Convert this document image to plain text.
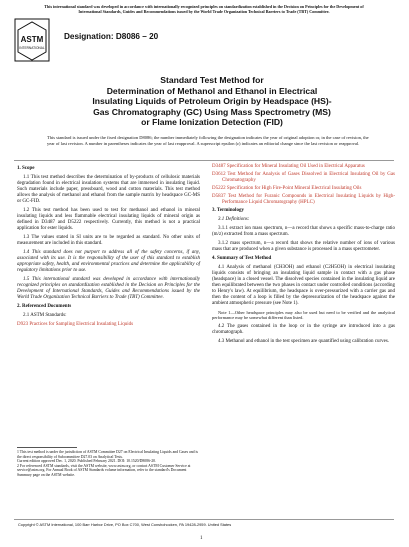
This international standard was developed in accordance with internationally recognized principles on standardization established in the Decision on Principles for the Development of International Standards, Guides and Recommendations issued by the World Trade Organization Technical Barriers to Trade (TBT) Committee.
ASTM
INTERNATIONAL
Designation: D8086 – 20
Standard Test Method for
Determination of Methanol and Ethanol in Electrical
Insulating Liquids of Petroleum Origin by Headspace (HS)-
Gas Chromatography (GC) Using Mass Spectrometry (MS)
or Flame Ionization Detection (FID)
This standard is issued under the fixed designation D8086; the number immediately following the designation indicates the year of original adoption or, in the case of revision, the year of last revision. A number in parentheses indicates the year of last reapproval. A superscript epsilon (ε) indicates an editorial change since the last revision or reapproval.
1. Scope
1.1 This test method describes the determination of by-products of cellulosic materials degradation found in electrical insulation systems that are immersed in insulating liquid. Such materials include paper, pressboard, wood and cotton materials. This test method allows the analysis of methanol and ethanol from the sample matrix by headspace GC-MS or GC-FID.
1.2 This test method has been used to test for methanol and ethanol in mineral insulating liquids and less flammable electrical insulating liquids of mineral origin as defined in D3487 and D5222 respectively. Currently, this method is not a practical application for ester liquids.
1.3 The values stated in SI units are to be regarded as standard. No other units of measurement are included in this standard.
1.4 This standard does not purport to address all of the safety concerns, if any, associated with its use. It is the responsibility of the user of this standard to establish appropriate safety, health, and environmental practices and determine the applicability of regulatory limitations prior to use.
1.5 This international standard was developed in accordance with internationally recognized principles on standardization established in the Decision on Principles for the Development of International Standards, Guides and Recommendations issued by the World Trade Organization Technical Barriers to Trade (TBT) Committee.
2. Referenced Documents
2.1 ASTM Standards:
D923 Practices for Sampling Electrical Insulating Liquids
1 This test method is under the jurisdiction of ASTM Committee D27 on Electrical Insulating Liquids and Gases and is the direct responsibility of Subcommittee D27.03 on Analytical Tests.
Current edition approved Dec. 1, 2020. Published February 2021. DOI: 10.1520/D8086-20.
2 For referenced ASTM standards, visit the ASTM website, www.astm.org, or contact ASTM Customer Service at service@astm.org. For Annual Book of ASTM Standards volume information, refer to the standard's Document Summary page on the ASTM website.
D3487 Specification for Mineral Insulating Oil Used in Electrical Apparatus
D3612 Test Method for Analysis of Gases Dissolved in Electrical Insulating Oil by Gas Chromatography
D5222 Specification for High Fire-Point Mineral Electrical Insulating Oils
D5837 Test Method for Furanic Compounds in Electrical Insulating Liquids by High-Performance Liquid Chromatography (HPLC)
3. Terminology
3.1 Definitions:
3.1.1 extract ion mass spectrum, n—a record that shows a specific mass-to-charge ratio (m/z) extracted from a mass spectrum.
3.1.2 mass spectrum, n—a record that shows the relative number of ions of various mass that are produced when a given substance is processed in a mass spectrometer.
4. Summary of Test Method
4.1 Analysis of methanol (CH3OH) and ethanol (C2H5OH) in electrical insulating liquids consists of bringing an insulating liquid sample in contact with a gas phase (headspace) in a closed vessel. The dissolved species contained in the insulating liquid are then equilibrated between the two phases in contact under controlled conditions (according to Henry's law). At equilibrium, the headspace is over-pressurized with a carrier gas and then the content of a loop is filled by the depressurization of the headspace against the ambient atmospheric pressure (see Note 1).
Note 1—Other headspace principles may also be used but need to be verified and the analytical performance may be somewhat different than listed.
4.2 The gases contained in the loop or in the syringe are introduced into a gas chromatograph.
4.3 Methanol and ethanol in the test specimen are quantified using calibration curves.
Copyright © ASTM International, 100 Barr Harbor Drive, PO Box C700, West Conshohocken, PA 19428-2959. United States
1
